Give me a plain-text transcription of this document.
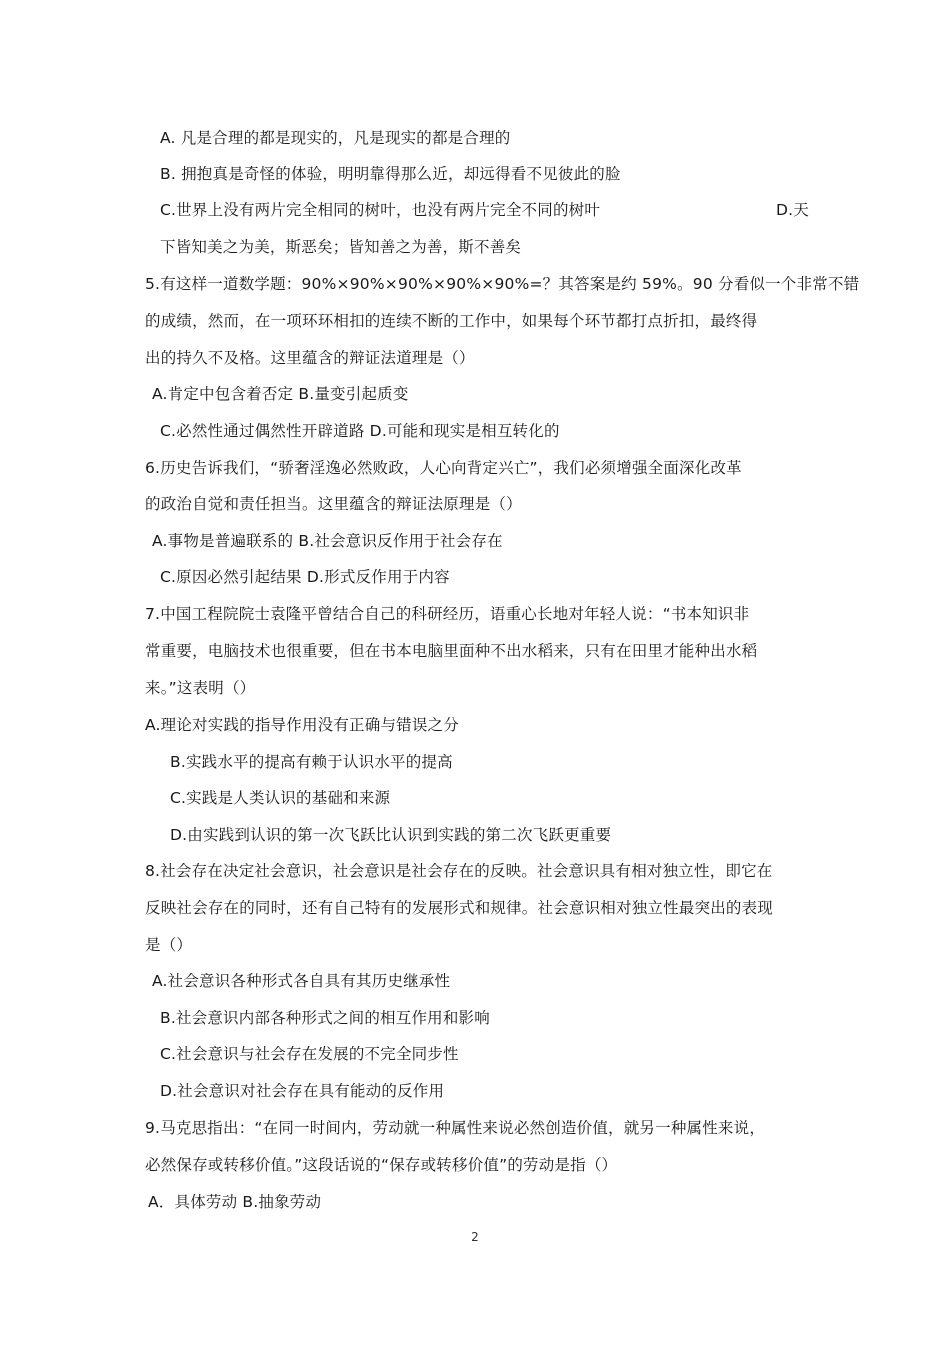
A. 凡是合理的都是现实的，凡是现实的都是合理的
B. 拥抱真是奇怪的体验，明明靠得那么近，却远得看不见彼此的脸
C.世界上没有两片完全相同的树叶，也没有两片完全不同的树叶	D.天
下皆知美之为美，斯恶矣；皆知善之为善，斯不善矣
5.有这样一道数学题：90%×90%×90%×90%×90%=？其答案是约 59%。90 分看似一个非常不错
的成绩，然而，在一项环环相扣的连续不断的工作中，如果每个环节都打点折扣，最终得
出的持久不及格。这里蕴含的辩证法道理是（）
A.肯定中包含着否定 B.量变引起质变
C.必然性通过偶然性开辟道路 D.可能和现实是相互转化的
6.历史告诉我们，“骄奢淫逸必然败政，人心向背定兴亡”，我们必须增强全面深化改革
的政治自觉和责任担当。这里蕴含的辩证法原理是（）
A.事物是普遍联系的 B.社会意识反作用于社会存在
C.原因必然引起结果 D.形式反作用于内容
7.中国工程院院士袁隆平曾结合自己的科研经历，语重心长地对年轻人说：“书本知识非
常重要，电脑技术也很重要，但在书本电脑里面种不出水稻来，只有在田里才能种出水稻
来。”这表明（）
A.理论对实践的指导作用没有正确与错误之分
B.实践水平的提高有赖于认识水平的提高
C.实践是人类认识的基础和来源
D.由实践到认识的第一次飞跃比认识到实践的第二次飞跃更重要
8.社会存在决定社会意识，社会意识是社会存在的反映。社会意识具有相对独立性，即它在
反映社会存在的同时，还有自己特有的发展形式和规律。社会意识相对独立性最突出的表现
是（）
A.社会意识各种形式各自具有其历史继承性
B.社会意识内部各种形式之间的相互作用和影响
C.社会意识与社会存在发展的不完全同步性
D.社会意识对社会存在具有能动的反作用
9.马克思指出：“在同一时间内，劳动就一种属性来说必然创造价值，就另一种属性来说，
必然保存或转移价值。”这段话说的“保存或转移价值”的劳动是指（）
A．具体劳动 B.抽象劳动
2
